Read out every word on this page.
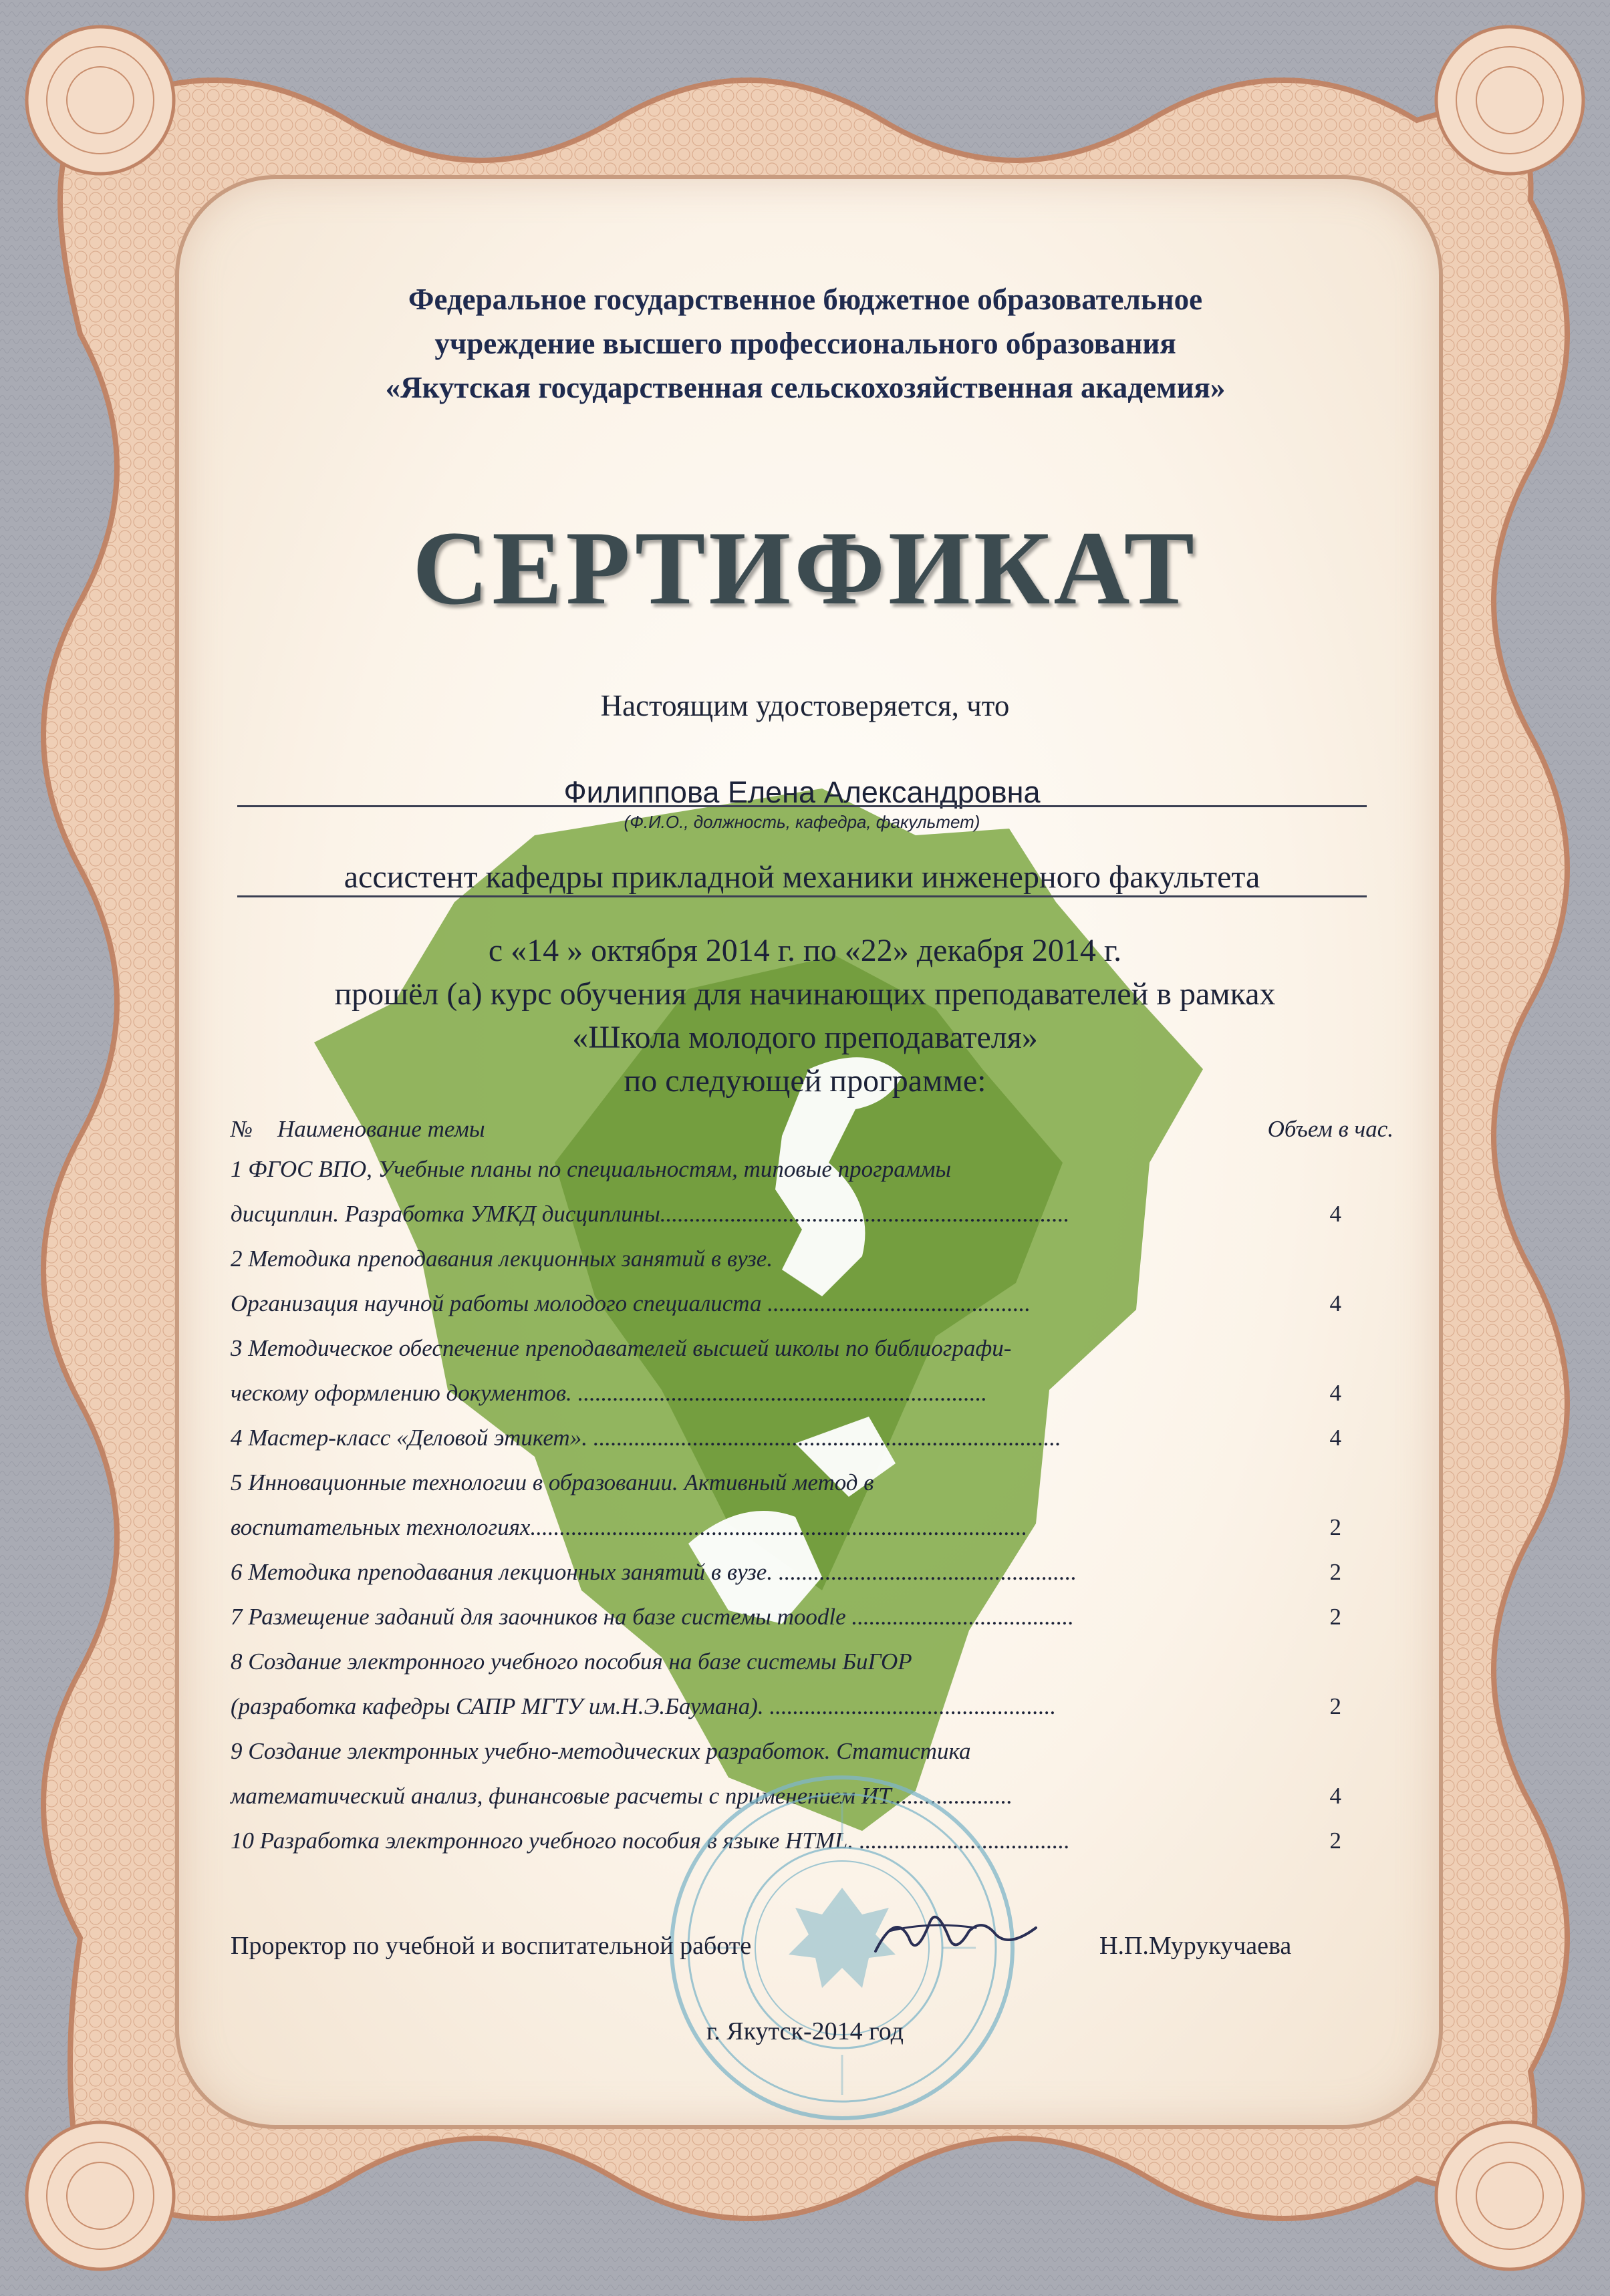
Федеральное государственное бюджетное образовательное
учреждение высшего профессионального образования
«Якутская государственная сельскохозяйственная академия»
СЕРТИФИКАТ
Настоящим удостоверяется, что
Филиппова Елена Александровна
(Ф.И.О., должность, кафедра, факультет)
ассистент кафедры прикладной механики инженерного факультета
с «14 » октября 2014 г. по «22» декабря 2014 г.
прошёл (а) курс обучения для начинающих преподавателей в рамках
«Школа молодого преподавателя»
по следующей программе:
№ Наименование темы	Объем в час.
1 ФГОС ВПО, Учебные планы по специальностям, типовые программы
дисциплин. Разработка УМКД дисциплины......................................................................	4
2 Методика преподавания лекционных занятий в вузе.
Организация научной работы молодого специалиста .............................................	4
3 Методическое обеспечение преподавателей высшей школы по библиографи-
ческому оформлению документов. ......................................................................	4
4 Мастер-класс «Деловой этикет». ................................................................................	4
5 Инновационные технологии в образовании. Активный метод в
воспитательных технологиях.....................................................................................	2
6 Методика преподавания лекционных занятий в вузе. ...................................................	2
7 Размещение заданий для заочников на базе системы moodle ......................................	2
8 Создание электронного учебного пособия на базе системы БиГОР
(разработка кафедры САПР МГТУ им.Н.Э.Баумана). .................................................	2
9 Создание электронных учебно-методических разработок. Статистика
математический анализ, финансовые расчеты с применением ИТ.....................	4
10 Разработка электронного учебного пособия в языке HTML. ....................................	2
Проректор по учебной и воспитательной работе	Н.П.Мурукучаева
г. Якутск-2014 год
